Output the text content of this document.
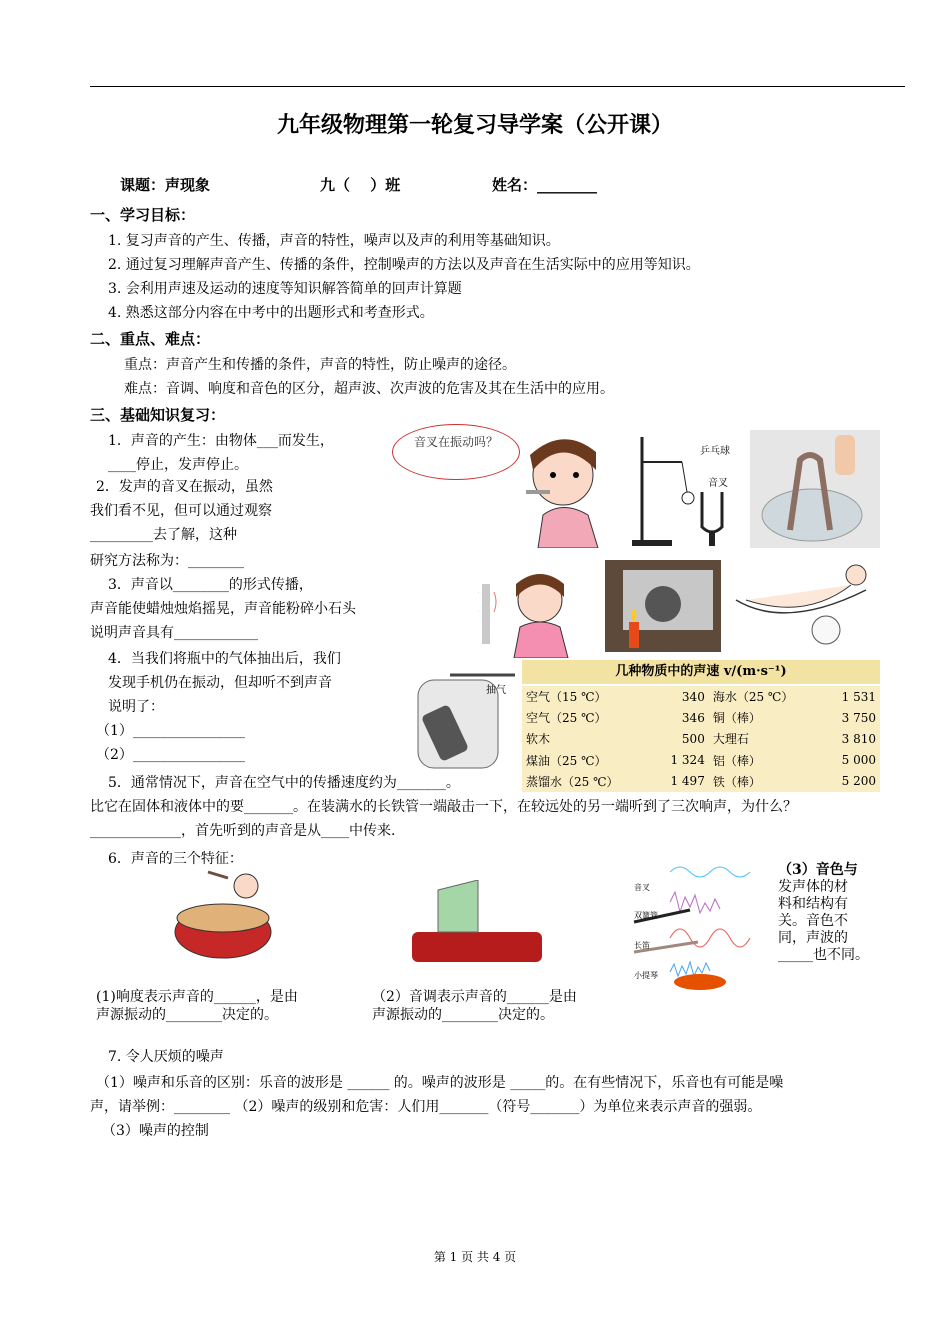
九年级物理第一轮复习导学案（公开课）
课题：声现象	九（　 ）班	姓名：________
一、学习目标：
1. 复习声音的产生、传播，声音的特性，噪声以及声的利用等基础知识。
2. 通过复习理解声音产生、传播的条件，控制噪声的方法以及声音在生活实际中的应用等知识。
3. 会利用声速及运动的速度等知识解答简单的回声计算题
4. 熟悉这部分内容在中考中的出题形式和考查形式。
二、重点、难点：
重点：声音产生和传播的条件，声音的特性，防止噪声的途径。
难点：音调、响度和音色的区分，超声波、次声波的危害及其在生活中的应用。
三、基础知识复习：
1．声音的产生：由物体___而发生，
____停止，发声停止。
2．发声的音叉在振动，虽然
我们看不见，但可以通过观察
_________去了解，这种
研究方法称为：________
3．声音以________的形式传播，
声音能使蜡烛烛焰摇晃，声音能粉碎小石头
说明声音具有____________
4．当我们将瓶中的气体抽出后，我们
发现手机仍在振动，但却听不到声音
说明了：
（1）________________
（2）________________
5．通常情况下，声音在空气中的传播速度约为_______。
比它在固体和液体中的要_______。在装满水的长铁管一端敲击一下，在较远处的另一端听到了三次响声，为什么？
_____________，首先听到的声音是从____中传来.
6．声音的三个特征：
音叉在振动吗？
乒乓球
音叉
抽气
几种物质中的声速 v/(m·s⁻¹)
空气（15 ℃）	340	海水（25 ℃）	1 531
空气（25 ℃）	346	铜（棒）	3 750
软木	500	大理石	3 810
煤油（25 ℃）	1 324	铝（棒）	5 000
蒸馏水（25 ℃）	1 497	铁（棒）	5 200
音叉
双簧管
长笛
小提琴
（3）音色与
发声体的材
料和结构有
关。音色不
同，声波的
_____也不同。
(1)响度表示声音的______，是由
声源振动的________决定的。
（2）音调表示声音的______是由
声源振动的________决定的。
7. 令人厌烦的噪声
（1）噪声和乐音的区别：乐音的波形是 ______ 的。噪声的波形是 _____的。在有些情况下，乐音也有可能是噪
声，请举例：________ （2）噪声的级别和危害：人们用_______（符号_______）为单位来表示声音的强弱。
（3）噪声的控制
第 1 页 共 4 页
